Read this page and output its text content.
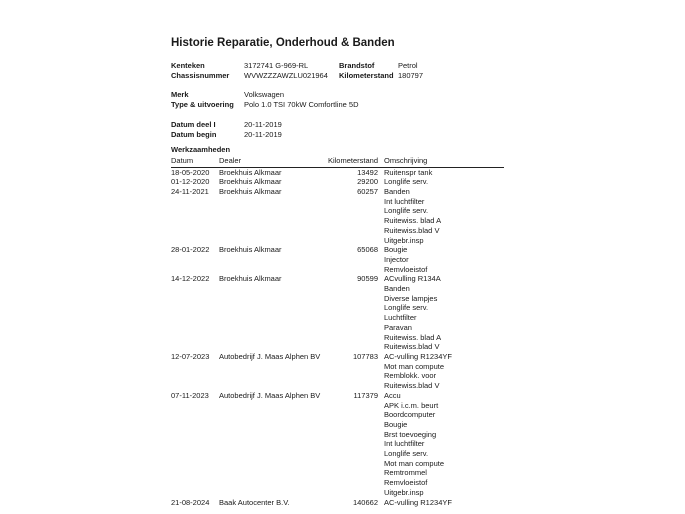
Historie Reparatie, Onderhoud & Banden
Kenteken	3172741 G-969-RL	Brandstof	Petrol
Chassisnummer	WVWZZZAWZLU021964	Kilometerstand 180797
Merk	Volkswagen
Type & uitvoering	Polo 1.0 TSI 70kW Comfortline 5D
Datum deel I	20-11-2019
Datum begin	20-11-2019
Werkzaamheden
Datum	Dealer	Kilometerstand Omschrijving
18-05-2020	Broekhuis Alkmaar	13492 Ruitenspr tank
01-12-2020	Broekhuis Alkmaar	29200 Longlife serv.
24-11-2021	Broekhuis Alkmaar	60257 Banden
Int luchtfilter
Longlife serv.
Ruitewiss. blad A
Ruitewiss.blad V
Uitgebr.insp
28-01-2022	Broekhuis Alkmaar	65068 Bougie
Injector
Remvloeistof
14-12-2022	Broekhuis Alkmaar	90599 ACvulling R134A
Banden
Diverse lampjes
Longlife serv.
Luchtfilter
Paravan
Ruitewiss. blad A
Ruitewiss.blad V
12-07-2023	Autobedrijf J. Maas Alphen BV	107783 AC-vulling R1234YF
Mot man compute
Remblokk. voor
Ruitewiss.blad V
07-11-2023	Autobedrijf J. Maas Alphen BV	117379 Accu
APK i.c.m. beurt
Boordcomputer
Bougie
Brst toevoeging
Int luchtfilter
Longlife serv.
Mot man compute
Remtrommel
Remvloeistof
Uitgebr.insp
21-08-2024	Baak Autocenter B.V.	140662 AC-vulling R1234YF
